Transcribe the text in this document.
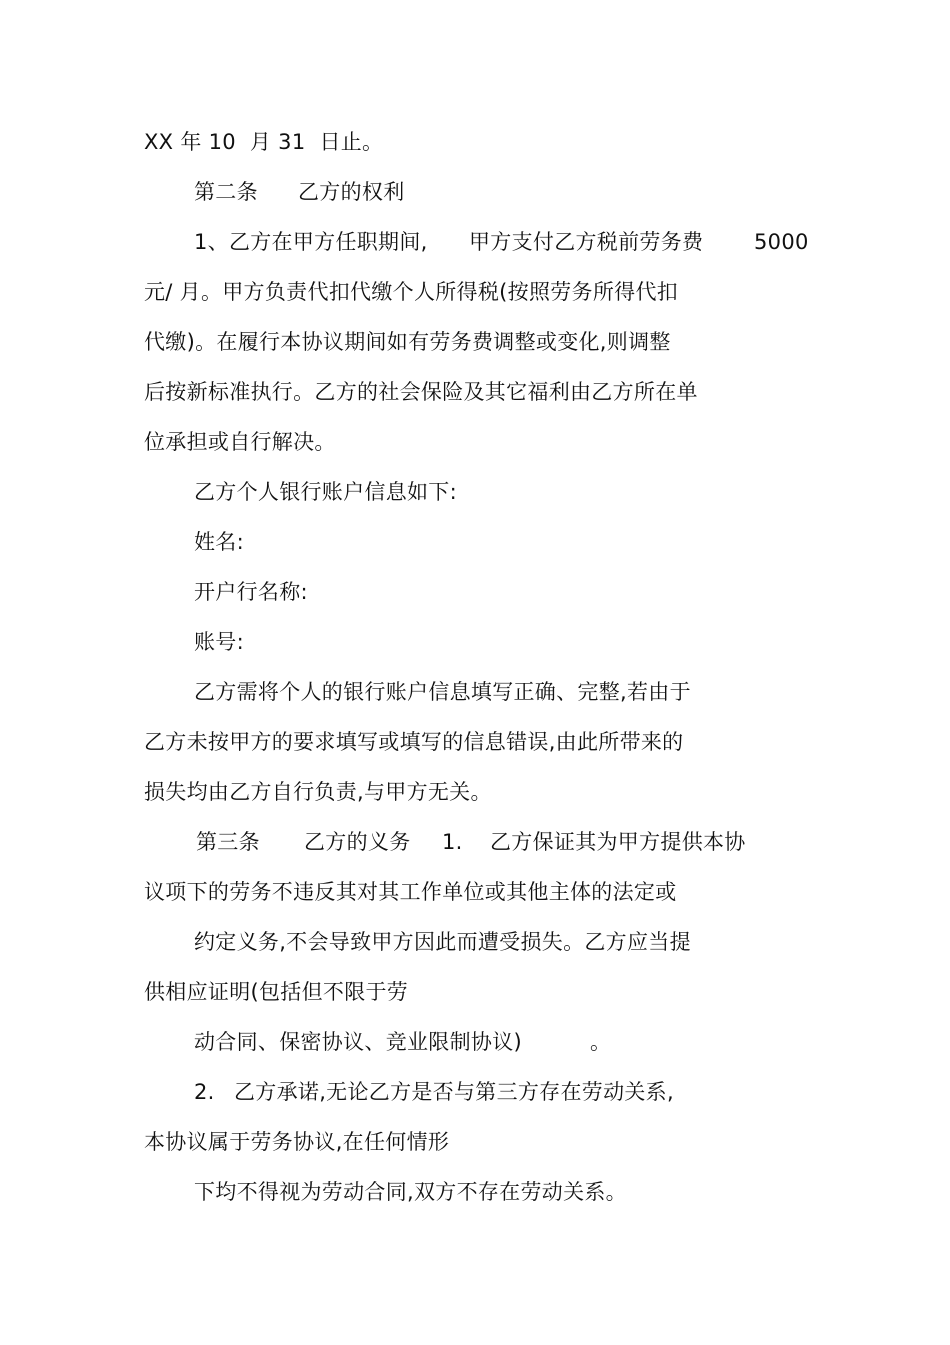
XX 年 10  月 31  日止。

第二条

乙方的权利

1、乙方在甲方任职期间,

甲方支付乙方税前劳务费

5000

元/ 月。甲方负责代扣代缴个人所得税(按照劳务所得代扣

代缴)。在履行本协议期间如有劳务费调整或变化,则调整

后按新标准执行。乙方的社会保险及其它福利由乙方所在单

位承担或自行解决。

乙方个人银行账户信息如下:

姓名:

开户行名称:

账号:

乙方需将个人的银行账户信息填写正确、完整,若由于

乙方未按甲方的要求填写或填写的信息错误,由此所带来的

损失均由乙方自行负责,与甲方无关。

第三条

乙方的义务

1.

乙方保证其为甲方提供本协

议项下的劳务不违反其对其工作单位或其他主体的法定或

约定义务,不会导致甲方因此而遭受损失。乙方应当提

供相应证明(包括但不限于劳

动合同、保密协议、竞业限制协议)

	。

2.

乙方承诺,无论乙方是否与第三方存在劳动关系,

本协议属于劳务协议,在任何情形

下均不得视为劳动合同,双方不存在劳动关系。
